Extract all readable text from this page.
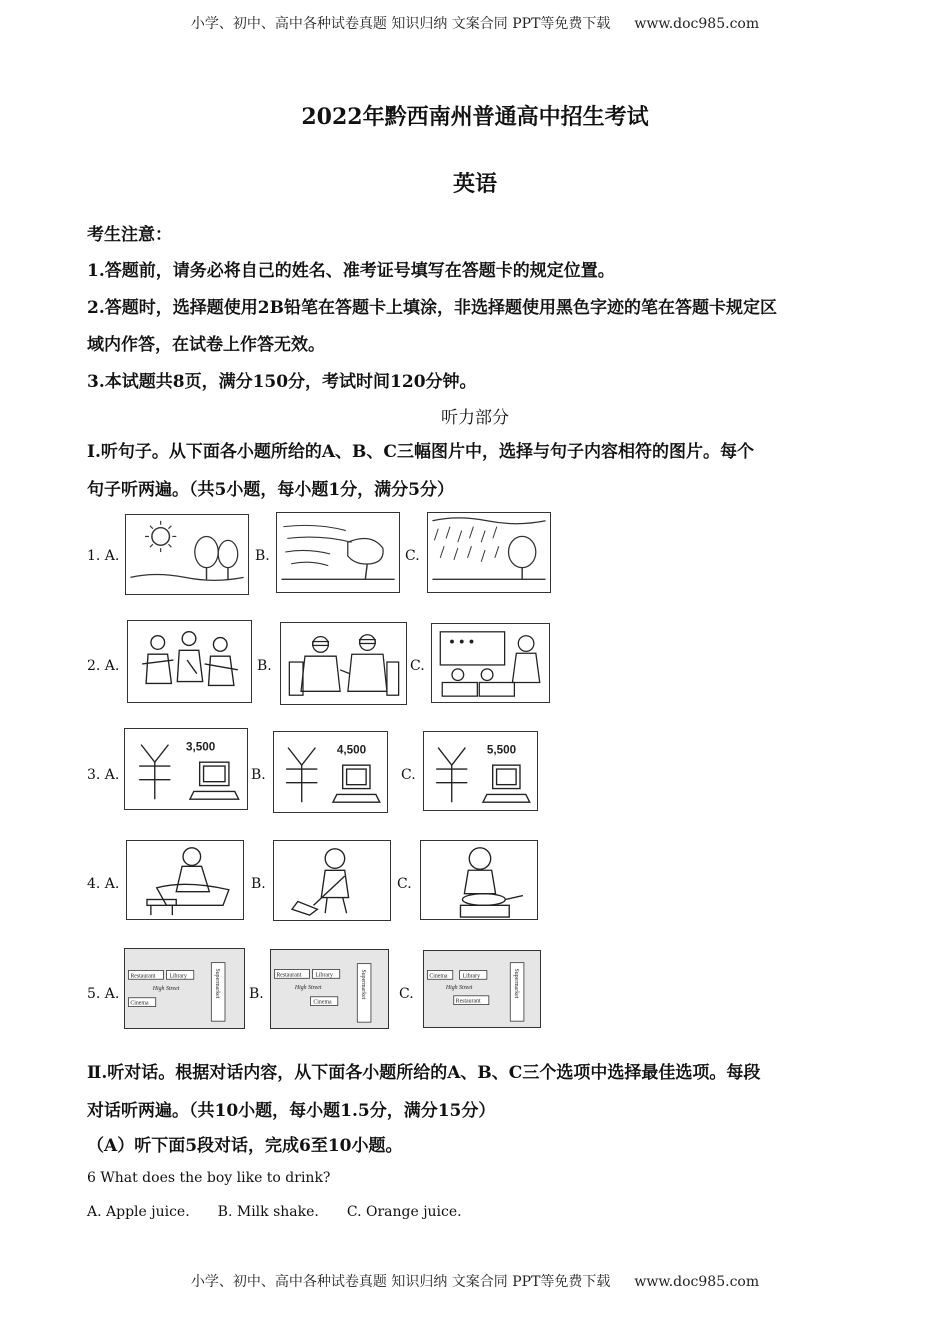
小学、初中、高中各种试卷真题 知识归纳 文案合同 PPT等免费下载 www.doc985.com
2022年黔西南州普通高中招生考试
英语
考生注意：
1.答题前，请务必将自己的姓名、准考证号填写在答题卡的规定位置。
2.答题时，选择题使用2B铅笔在答题卡上填涂，非选择题使用黑色字迹的笔在答题卡规定区
域内作答，在试卷上作答无效。
3.本试题共8页，满分150分，考试时间120分钟。
听力部分
Ⅰ.听句子。从下面各小题所给的A、B、C三幅图片中，选择与句子内容相符的图片。每个
句子听两遍。（共5小题，每小题1分，满分5分）
1. A.	B.	C.
2. A.	B.	C.
3. A.
3,500
B.
4,500
C.
5,500
4. A.	B.	C.
5. A.
Restaurant Library
High Street
Cinema
Supermarket B.
Restaurant Library
High Street
Cinema
Supermarket C.
Cinema Library
High Street
Restaurant
Supermarket
Ⅱ.听对话。根据对话内容，从下面各小题所给的A、B、C三个选项中选择最佳选项。每段
对话听两遍。（共10小题，每小题1.5分，满分15分）
（A）听下面5段对话，完成6至10小题。
6 What does the boy like to drink?
A. Apple juice. B. Milk shake. C. Orange juice.
小学、初中、高中各种试卷真题 知识归纳 文案合同 PPT等免费下载 www.doc985.com
